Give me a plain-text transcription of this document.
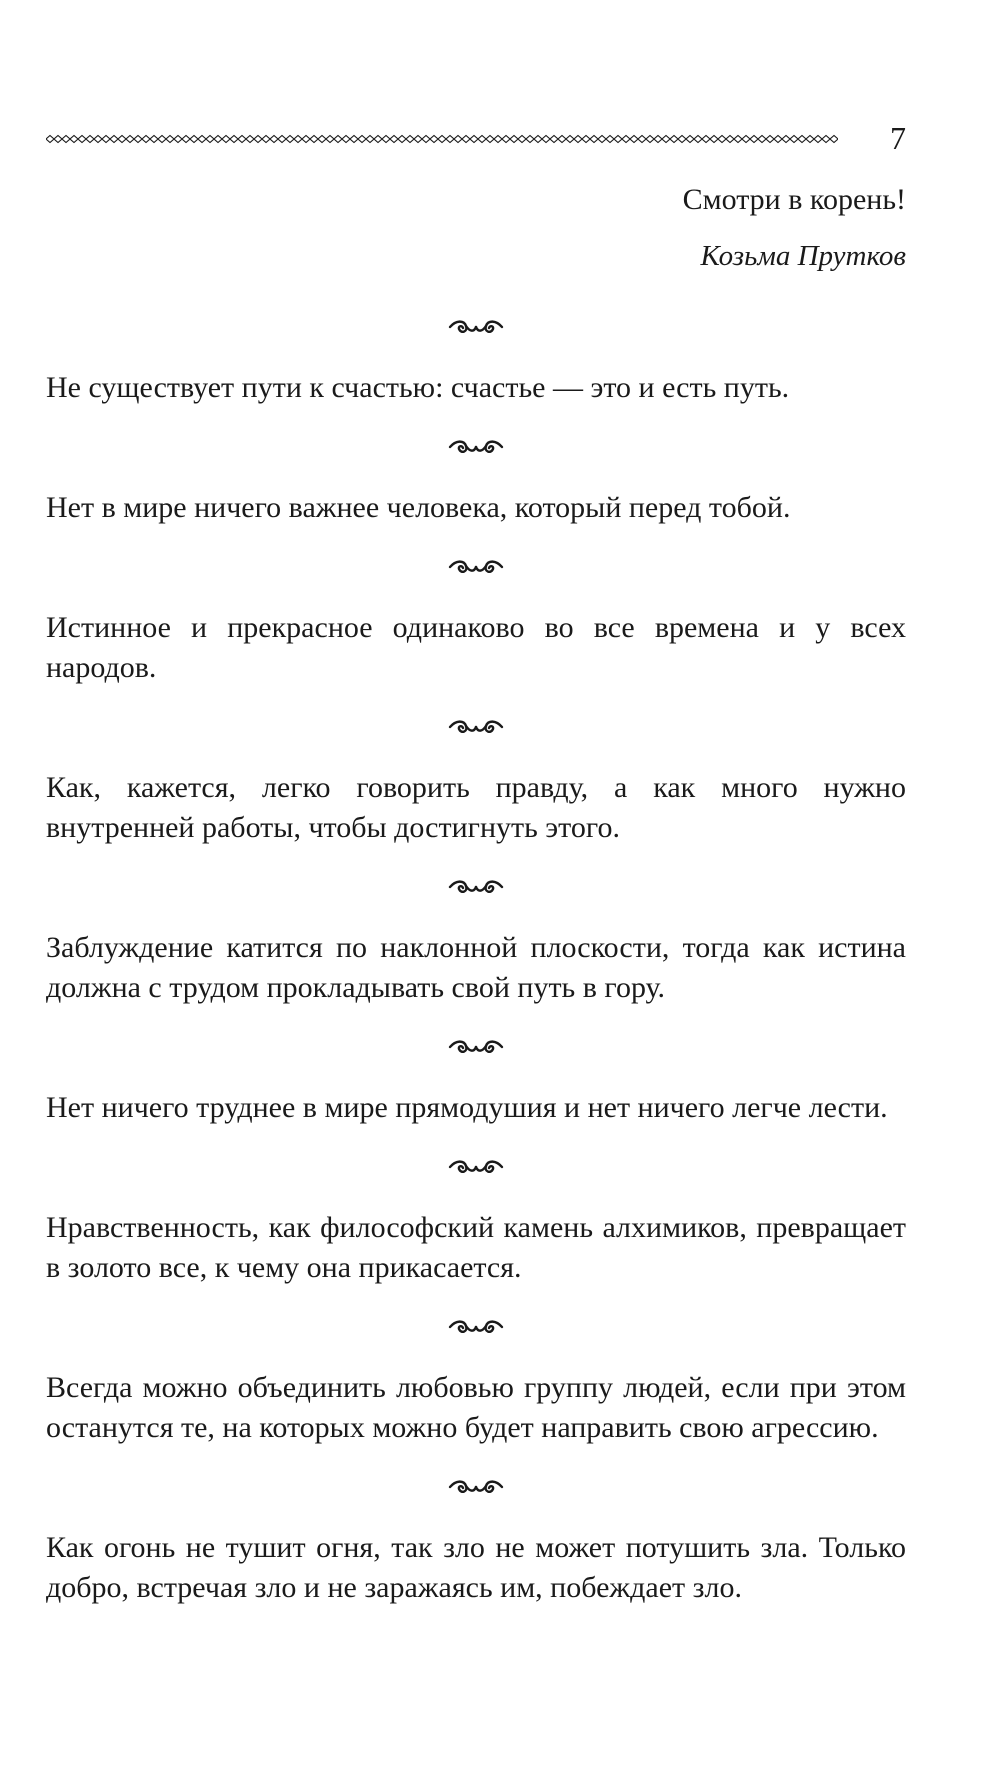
7

Смотри в корень!

Козьма Прутков

Не существует пути к счастью: счастье — это и есть путь.

Нет в мире ничего важнее человека, который перед тобой.

Истинное и прекрасное одинаково во все времена и у всех народов.

Как, кажется, легко говорить правду, а как много нужно внутренней работы, чтобы достигнуть этого.

Заблуждение катится по наклонной плоскости, тогда как истина должна с трудом прокладывать свой путь в гору.

Нет ничего труднее в мире прямодушия и нет ничего легче лести.

Нравственность, как философский камень алхимиков, превращает в золото все, к чему она прикасается.

Всегда можно объединить любовью группу людей, если при этом останутся те, на которых можно будет направить свою агрессию.

Как огонь не тушит огня, так зло не может потушить зла. Только добро, встречая зло и не заражаясь им, побеждает зло.
